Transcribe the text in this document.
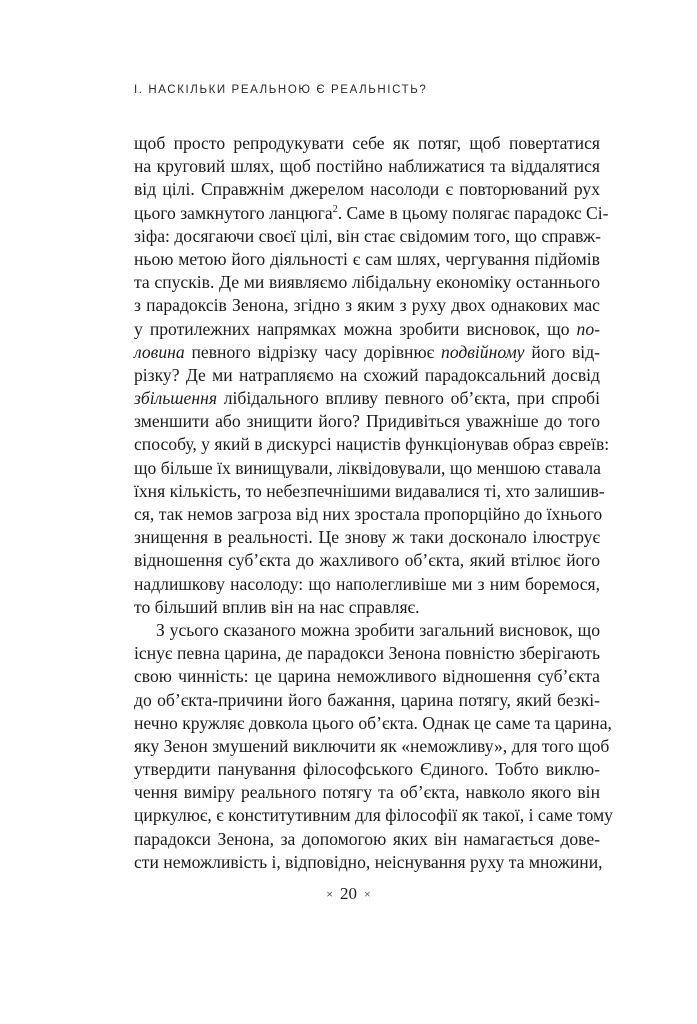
І. НАСКІЛЬКИ РЕАЛЬНОЮ Є РЕАЛЬНІСТЬ?
щоб просто репродукувати себе як потяг, щоб повертатися
на круговий шлях, щоб постійно наближатися та віддалятися
від цілі. Справжнім джерелом насолоди є повторюваний рух
цього замкнутого ланцюга$^2$. Саме в цьому полягає парадокс Сі-
зіфа: досягаючи своєї цілі, він стає свідомим того, що справж-
ньою метою його діяльності є сам шлях, чергування підйомів
та спусків. Де ми виявляємо лібідальну економіку останнього
з парадоксів Зенона, згідно з яким з руху двох однакових мас
у протилежних напрямках можна зробити висновок, що по-
ловина певного відрізку часу дорівнює подвійному його від-
різку? Де ми натрапляємо на схожий парадоксальний досвід
збільшення лібідального впливу певного об’єкта, при спробі
зменшити або знищити його? Придивіться уважніше до того
способу, у який в дискурсі нацистів функціонував образ євреїв:
що більше їх винищували, ліквідовували, що меншою ставала
їхня кількість, то небезпечнішими видавалися ті, хто залишив-
ся, так немов загроза від них зростала пропорційно до їхнього
знищення в реальності. Це знову ж таки досконало ілюструє
відношення суб’єкта до жахливого об’єкта, який втілює його
надлишкову насолоду: що наполегливіше ми з ним боремося,
то більший вплив він на нас справляє.
З усього сказаного можна зробити загальний висновок, що
існує певна царина, де парадокси Зенона повністю зберігають
свою чинність: це царина неможливого відношення суб’єкта
до об’єкта-причини його бажання, царина потягу, який безкі-
нечно кружляє довкола цього об’єкта. Однак це саме та царина,
яку Зенон змушений виключити як «неможливу», для того щоб
утвердити панування філософського Єдиного. Тобто виклю-
чення виміру реального потягу та об’єкта, навколо якого він
циркулює, є конститутивним для філософії як такої, і саме тому
парадокси Зенона, за допомогою яких він намагається дове-
сти неможливість і, відповідно, неіснування руху та множини,
× 20 ×
